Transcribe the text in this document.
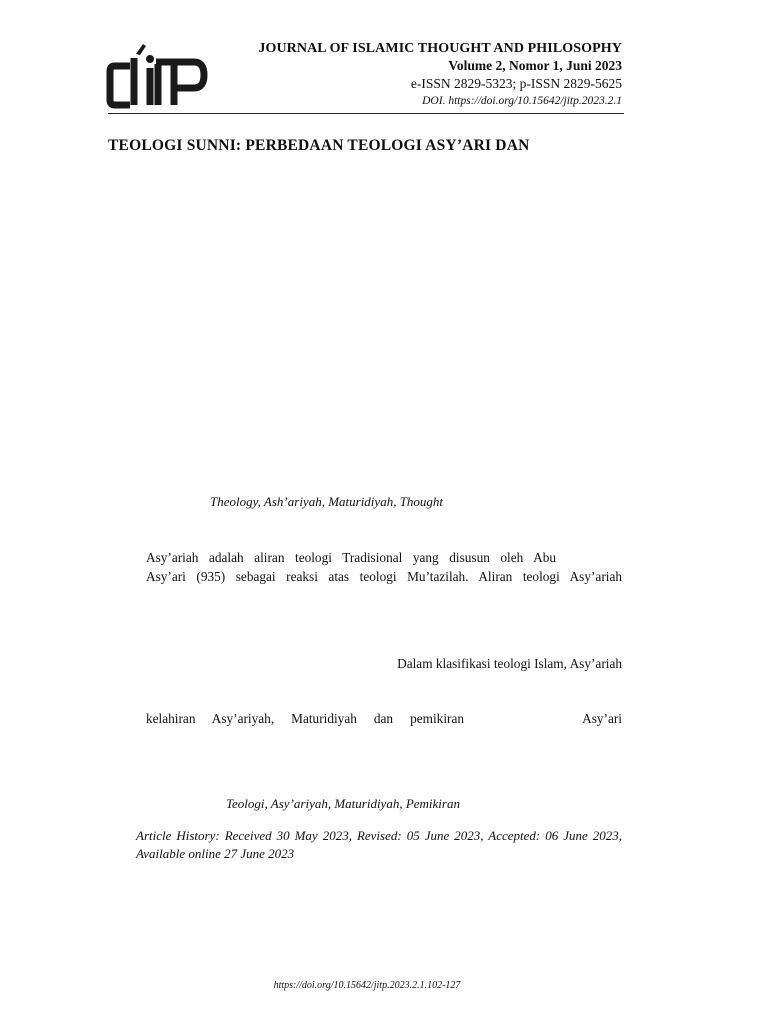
JOURNAL OF ISLAMIC THOUGHT AND PHILOSOPHY
Volume 2, Nomor 1, Juni 2023
e-ISSN 2829-5323; p-ISSN 2829-5625
DOI. https://doi.org/10.15642/jitp.2023.2.1
TEOLOGI SUNNI: PERBEDAAN TEOLOGI ASY’ARI DAN
Theology, Ash’ariyah, Maturidiyah, Thought
Asy’ariah adalah aliran teologi Tradisional yang disusun oleh Abu
Asy’ari (935) sebagai reaksi atas teologi Mu’tazilah. Aliran teologi Asy’ariah
Dalam klasifikasi teologi Islam, Asy’ariah
kelahiran Asy’ariyah, Maturidiyah dan pemikiran	Asy’ari
Teologi, Asy’ariyah, Maturidiyah, Pemikiran
Article History: Received 30 May 2023, Revised: 05 June 2023, Accepted: 06 June 2023,
Available online 27 June 2023
https://doi.org/10.15642/jitp.2023.2.1.102-127
